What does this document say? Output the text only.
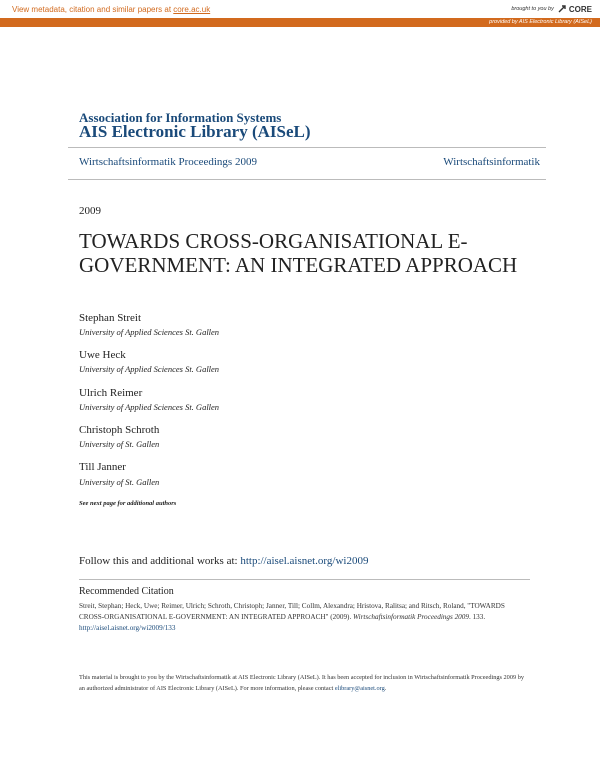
View metadata, citation and similar papers at core.ac.uk	brought to you by CORE
provided by AIS Electronic Library (AISeL)
Association for Information Systems
AIS Electronic Library (AISeL)
Wirtschaftsinformatik Proceedings 2009	Wirtschaftsinformatik
2009
TOWARDS CROSS-ORGANISATIONAL E-GOVERNMENT: AN INTEGRATED APPROACH
Stephan Streit
University of Applied Sciences St. Gallen
Uwe Heck
University of Applied Sciences St. Gallen
Ulrich Reimer
University of Applied Sciences St. Gallen
Christoph Schroth
University of St. Gallen
Till Janner
University of St. Gallen
See next page for additional authors
Follow this and additional works at: http://aisel.aisnet.org/wi2009
Recommended Citation
Streit, Stephan; Heck, Uwe; Reimer, Ulrich; Schroth, Christoph; Janner, Till; Collm, Alexandra; Hristova, Ralitsa; and Ritsch, Roland, "TOWARDS CROSS-ORGANISATIONAL E-GOVERNMENT: AN INTEGRATED APPROACH" (2009). Wirtschaftsinformatik Proceedings 2009. 133.
http://aisel.aisnet.org/wi2009/133
This material is brought to you by the Wirtschaftsinformatik at AIS Electronic Library (AISeL). It has been accepted for inclusion in Wirtschaftsinformatik Proceedings 2009 by an authorized administrator of AIS Electronic Library (AISeL). For more information, please contact elibrary@aisnet.org.
